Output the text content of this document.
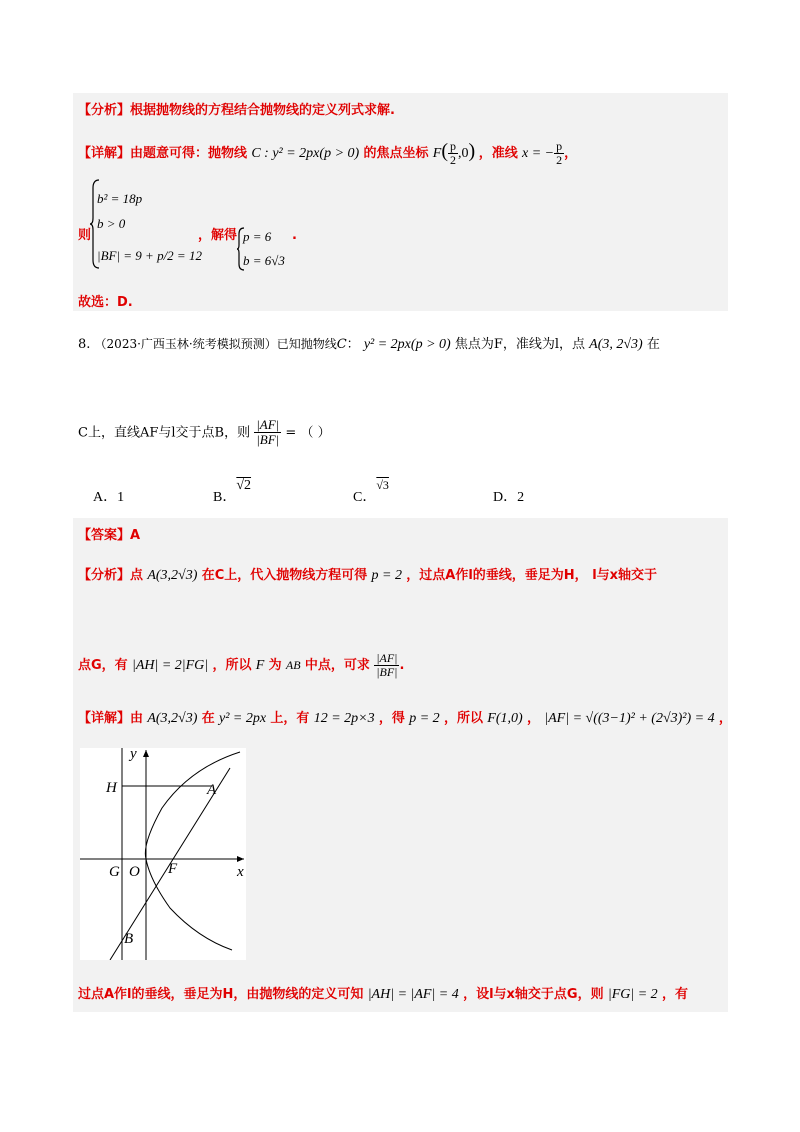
【分析】根据抛物线的方程结合抛物线的定义列式求解.
【详解】由题意可得：抛物线 C : y² = 2px(p > 0) 的焦点坐标 $F( \frac{p}{2} ,0)$ ，准线 x = − $\frac{p}{2}$ ，
则
b² = 18p
b > 0
|BF| = 9 + p/2 = 12
，解得 p = 6
b = 6√3
.
故选：D.
8. （2023·广西玉林·统考模拟预测）已知抛物线C： y² = 2px(p > 0) 焦点为F，准线为l，点 A(3, 2√3) 在
C上，直线AF与l交于点B，则 $\frac{|AF|}{|BF|}$ = （ ）
A．1	B．√2
C．√3
D．2
【答案】A
【分析】点 A(3,2√3) 在C上，代入抛物线方程可得 p = 2 ，过点A作l的垂线，垂足为H， l与x轴交于
点G，有 |AH| = 2|FG| ，所以 F 为 AB 中点，可求 $\frac{|AF|}{|BF|}$ .
【详解】由 A(3,2√3) 在 y² = 2px 上，有 12 = 2p×3 ，得 p = 2 ，所以 F(1,0) ， |AF| = √((3−1)² + (2√3)²) = 4 ，
H	A
G O F	x
y
B
过点A作l的垂线，垂足为H，由抛物线的定义可知 |AH| = |AF| = 4 ，设l与x轴交于点G，则 |FG| = 2 ，有
